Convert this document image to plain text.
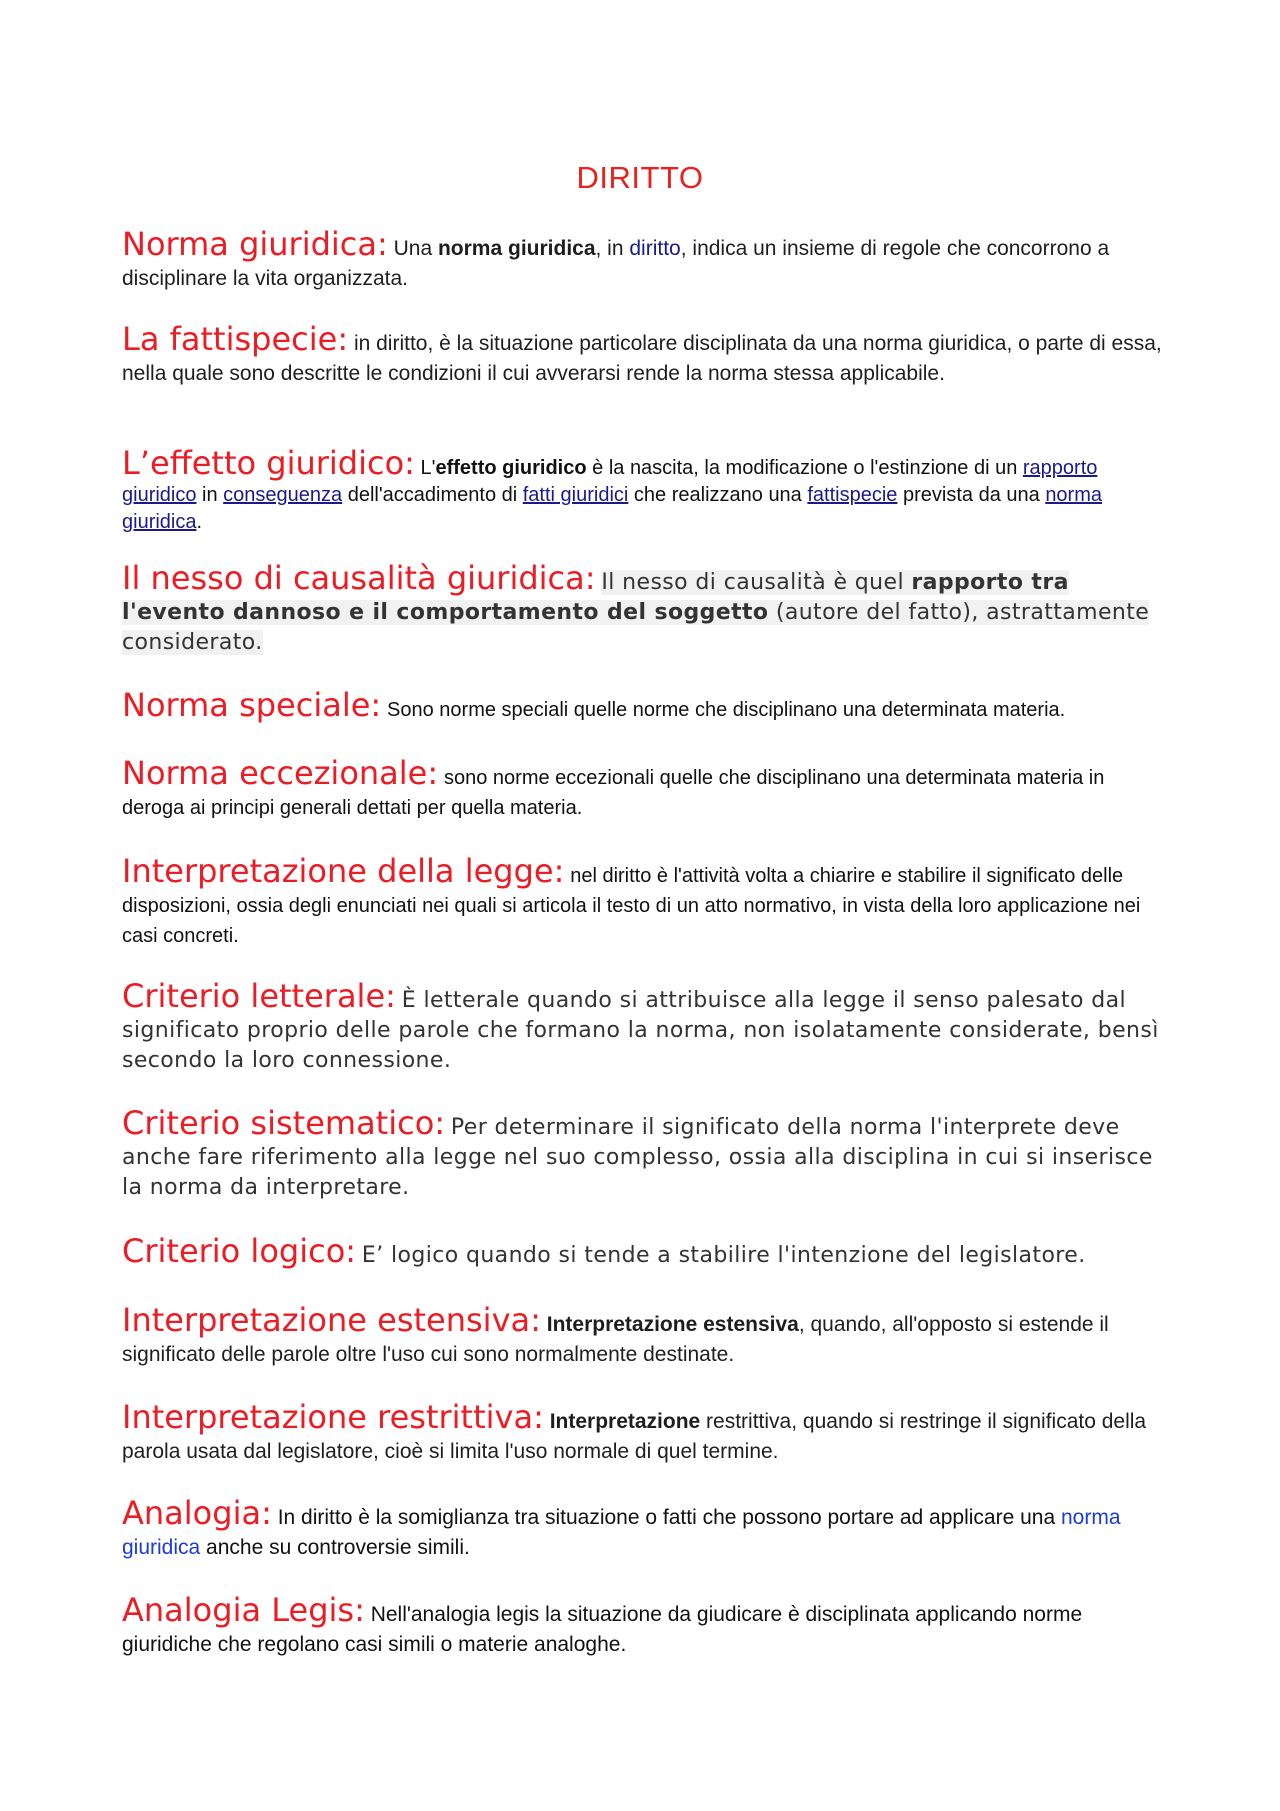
DIRITTO
Norma giuridica: Una norma giuridica, in diritto, indica un insieme di regole che concorrono a disciplinare la vita organizzata.
La fattispecie: in diritto, è la situazione particolare disciplinata da una norma giuridica, o parte di essa, nella quale sono descritte le condizioni il cui avverarsi rende la norma stessa applicabile.
L’effetto giuridico: L'effetto giuridico è la nascita, la modificazione o l'estinzione di un rapporto giuridico in conseguenza dell'accadimento di fatti giuridici che realizzano una fattispecie prevista da una norma giuridica.
Il nesso di causalità giuridica: Il nesso di causalità è quel rapporto tra l'evento dannoso e il comportamento del soggetto (autore del fatto), astrattamente considerato.
Norma speciale: Sono norme speciali quelle norme che disciplinano una determinata materia.
Norma eccezionale: sono norme eccezionali quelle che disciplinano una determinata materia in deroga ai principi generali dettati per quella materia.
Interpretazione della legge: nel diritto è l'attività volta a chiarire e stabilire il significato delle disposizioni, ossia degli enunciati nei quali si articola il testo di un atto normativo, in vista della loro applicazione nei casi concreti.
Criterio letterale: È letterale quando si attribuisce alla legge il senso palesato dal significato proprio delle parole che formano la norma, non isolatamente considerate, bensì secondo la loro connessione.
Criterio sistematico: Per determinare il significato della norma l'interprete deve anche fare riferimento alla legge nel suo complesso, ossia alla disciplina in cui si inserisce la norma da interpretare.
Criterio logico: E’ logico quando si tende a stabilire l'intenzione del legislatore.
Interpretazione estensiva: Interpretazione estensiva, quando, all'opposto si estende il significato delle parole oltre l'uso cui sono normalmente destinate.
Interpretazione restrittiva: Interpretazione restrittiva, quando si restringe il significato della parola usata dal legislatore, cioè si limita l'uso normale di quel termine.
Analogia: In diritto è la somiglianza tra situazione o fatti che possono portare ad applicare una norma giuridica anche su controversie simili.
Analogia Legis: Nell'analogia legis la situazione da giudicare è disciplinata applicando norme giuridiche che regolano casi simili o materie analoghe.
